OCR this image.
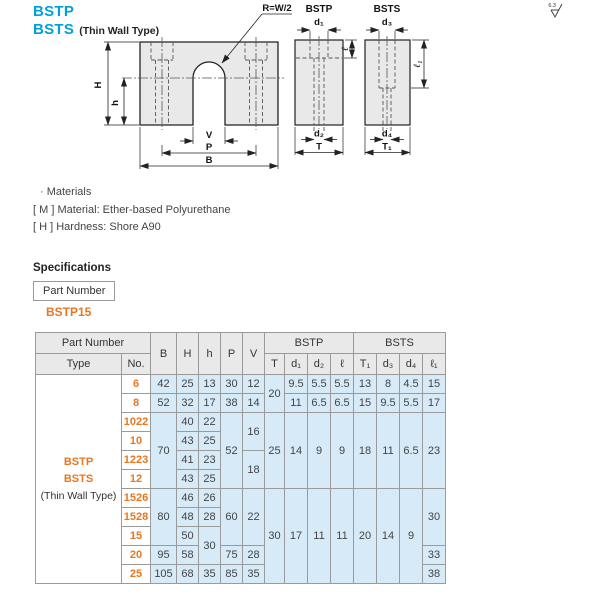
R=W/2
H
h
V
P
B
BSTP
d₁
ℓ
d₂
T
BSTS
d₃
ℓ₁
d₄
T₁
6.3
BSTP
BSTS (Thin Wall Type)
· Materials
[ M ] Material: Ether-based Polyurethane
[ H ] Hardness: Shore A90
Specifications
Part Number
BSTP15
Part Number		B	H	h	P	V	BSTP				BSTS			
Type	No.						T	d₁	d₂	ℓ	T₁	d₃	d₄	ℓ₁

BSTP
BSTS
(Thin Wall Type)	6	42	25	13	30	12	20	9.5	5.5	5.5	13	8	4.5	15
	8	52	32	17	38	14		11	6.5	6.5	15	9.5	5.5	17
	1022	70	40	22	52	16	25	14	9	9	18	11	6.5	23
	10		43	25										
	1223		41	23		18								
	12		43	25										
	1526	80	46	26	60	22	30	17	11	11	20	14	9	30
	1528		48	28										
	15		50	30										
	20	95	58		75	28								33
	25	105	68	35	85	35								38
